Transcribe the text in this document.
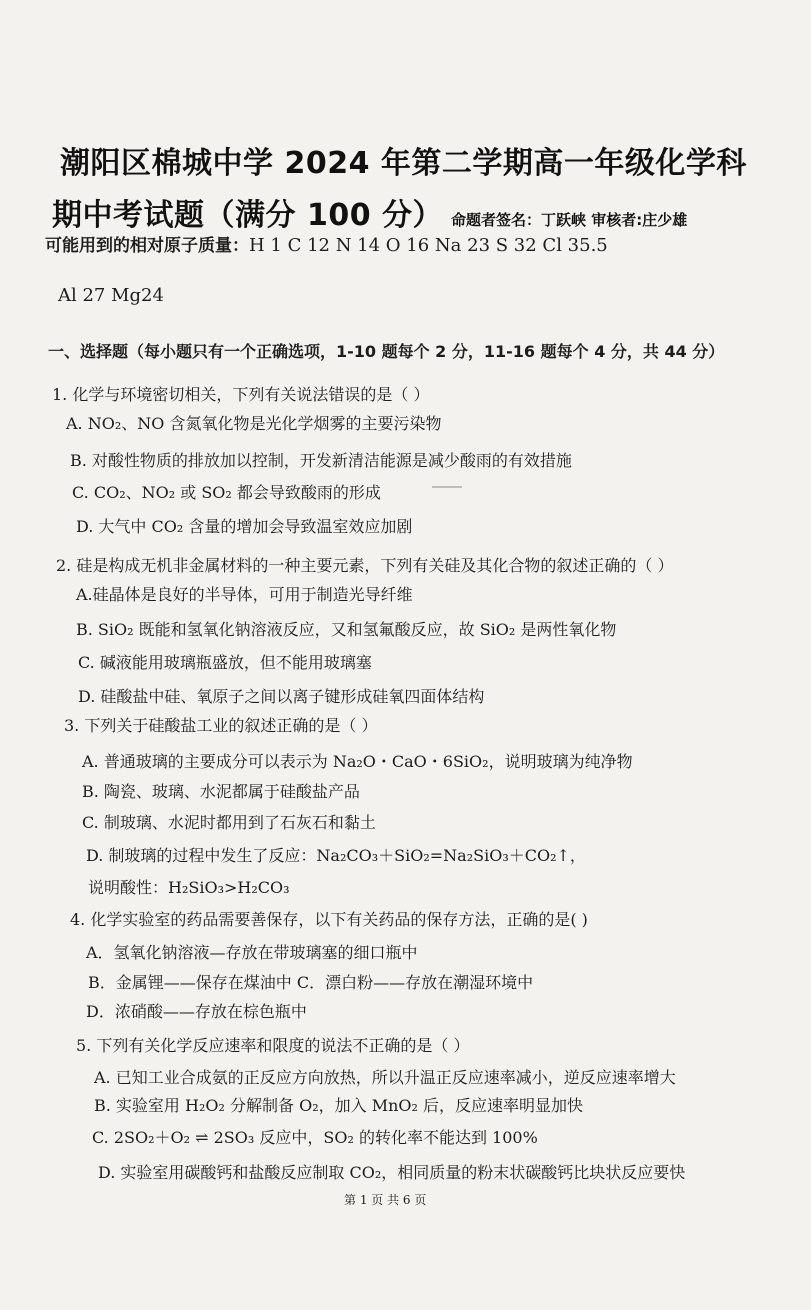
潮阳区棉城中学 2024 年第二学期高一年级化学科
期中考试题（满分 100 分） 命题者签名：丁跃峡 审核者:庄少雄
可能用到的相对原子质量：H 1 C 12 N 14 O 16 Na 23 S 32 Cl 35.5
Al 27 Mg24
一、选择题（每小题只有一个正确选项，1-10 题每个 2 分，11-16 题每个 4 分，共 44 分）
1. 化学与环境密切相关，下列有关说法错误的是（ ）
A. NO₂、NO 含氮氧化物是光化学烟雾的主要污染物
B. 对酸性物质的排放加以控制，开发新清洁能源是减少酸雨的有效措施
C. CO₂、NO₂ 或 SO₂ 都会导致酸雨的形成
D. 大气中 CO₂ 含量的增加会导致温室效应加剧
2. 硅是构成无机非金属材料的一种主要元素，下列有关硅及其化合物的叙述正确的（ ）
A.硅晶体是良好的半导体，可用于制造光导纤维
B. SiO₂ 既能和氢氧化钠溶液反应，又和氢氟酸反应，故 SiO₂ 是两性氧化物
C. 碱液能用玻璃瓶盛放，但不能用玻璃塞
D. 硅酸盐中硅、氧原子之间以离子键形成硅氧四面体结构
3. 下列关于硅酸盐工业的叙述正确的是（ ）
A. 普通玻璃的主要成分可以表示为 Na₂O・CaO・6SiO₂，说明玻璃为纯净物
B. 陶瓷、玻璃、水泥都属于硅酸盐产品
C. 制玻璃、水泥时都用到了石灰石和黏土
D. 制玻璃的过程中发生了反应：Na₂CO₃＋SiO₂=Na₂SiO₃＋CO₂↑，
说明酸性：H₂SiO₃>H₂CO₃
4. 化学实验室的药品需要善保存，以下有关药品的保存方法，正确的是( )
A．氢氧化钠溶液—存放在带玻璃塞的细口瓶中
B．金属锂——保存在煤油中 C．漂白粉——存放在潮湿环境中
D．浓硝酸——存放在棕色瓶中
5. 下列有关化学反应速率和限度的说法不正确的是（ ）
A. 已知工业合成氨的正反应方向放热，所以升温正反应速率减小，逆反应速率增大
B. 实验室用 H₂O₂ 分解制备 O₂，加入 MnO₂ 后，反应速率明显加快
C. 2SO₂＋O₂ ⇌ 2SO₃ 反应中，SO₂ 的转化率不能达到 100%
D. 实验室用碳酸钙和盐酸反应制取 CO₂，相同质量的粉末状碳酸钙比块状反应要快
第 1 页 共 6 页
